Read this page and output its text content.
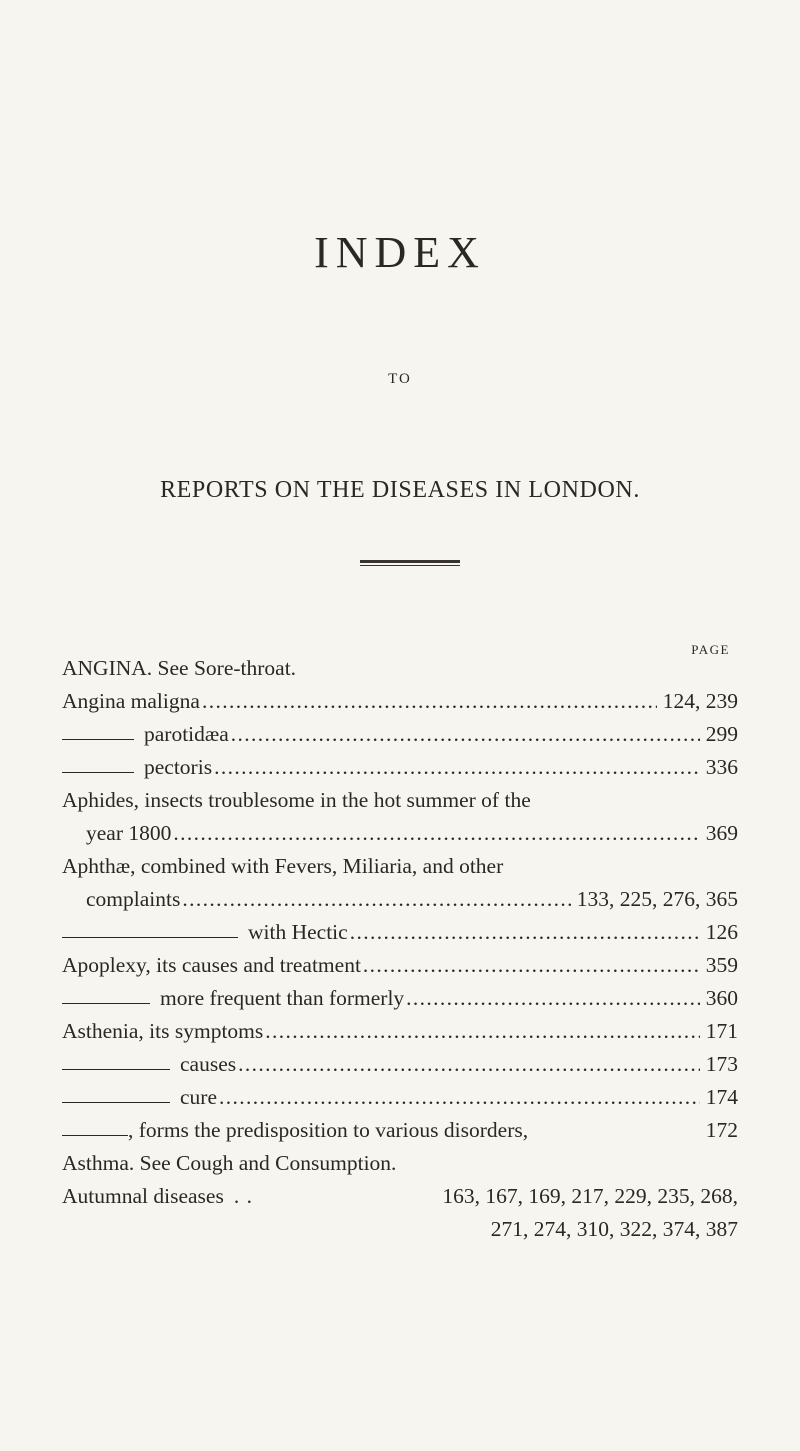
INDEX
TO
REPORTS ON THE DISEASES IN LONDON.
PAGE
ANGINA. See Sore-throat.
Angina maligna . . .	124, 239
parotidæa . . .	299
pectoris . . .	336
Aphides, insects troublesome in the hot summer of the
year 1800 . . .	369
Aphthæ, combined with Fevers, Miliaria, and other
complaints . . .	133, 225, 276, 365
with Hectic . . .	126
Apoplexy, its causes and treatment . . .	359
more frequent than formerly . . .	360
Asthenia, its symptoms . . .	171
causes . . .	173
cure . . .	174
, forms the predisposition to various disorders,	172
Asthma. See Cough and Consumption.
Autumnal diseases . .	163, 167, 169, 217, 229, 235, 268,
271, 274, 310, 322, 374, 387
